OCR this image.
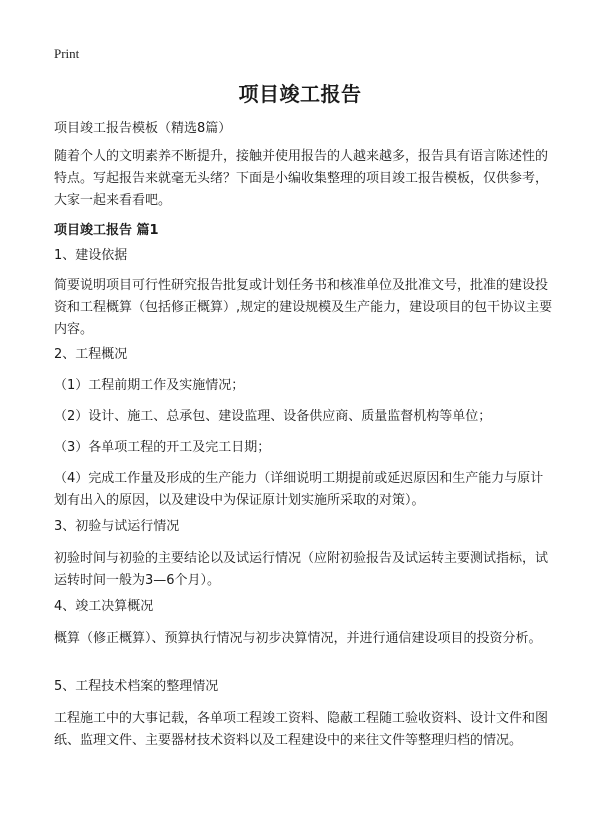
Print
项目竣工报告

项目竣工报告模板（精选8篇）

随着个人的文明素养不断提升，接触并使用报告的人越来越多，报告具有语言陈述性的特点。写起报告来就毫无头绪？下面是小编收集整理的项目竣工报告模板，仅供参考，大家一起来看看吧。

项目竣工报告 篇1

1、建设依据

简要说明项目可行性研究报告批复或计划任务书和核准单位及批准文号，批准的建设投资和工程概算（包括修正概算）,规定的建设规模及生产能力，建设项目的包干协议主要内容。

2、工程概况

（1）工程前期工作及实施情况；

（2）设计、施工、总承包、建设监理、设备供应商、质量监督机构等单位；

（3）各单项工程的开工及完工日期；

（4）完成工作量及形成的生产能力（详细说明工期提前或延迟原因和生产能力与原计划有出入的原因，以及建设中为保证原计划实施所采取的对策）。

3、初验与试运行情况

初验时间与初验的主要结论以及试运行情况（应附初验报告及试运转主要测试指标，试运转时间一般为3—6个月）。

4、竣工决算概况

概算（修正概算）、预算执行情况与初步决算情况，并进行通信建设项目的投资分析。

5、工程技术档案的整理情况

工程施工中的大事记载，各单项工程竣工资料、隐蔽工程随工验收资料、设计文件和图纸、监理文件、主要器材技术资料以及工程建设中的来往文件等整理归档的情况。
